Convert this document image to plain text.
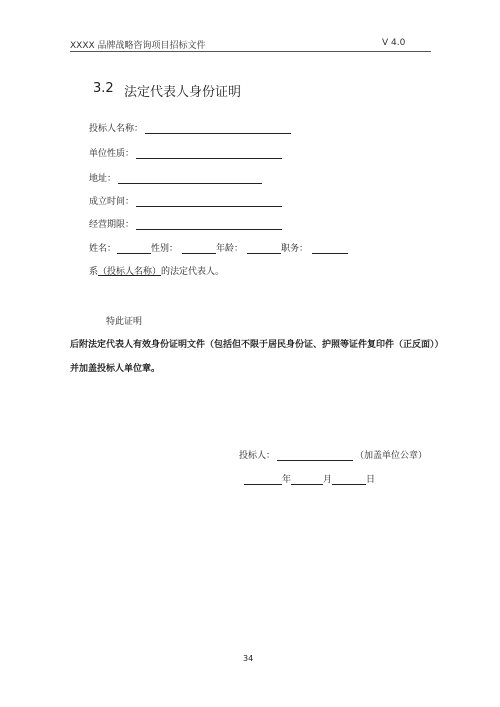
XXXX 品牌战略咨询项目招标文件	V 4.0
3.2 法定代表人身份证明
投标人名称：
单位性质：
地址：
成立时间：
经营期限：
姓名：	性别：	年龄：	职务：
系 （投标人名称） 的法定代表人。
特此证明
后附法定代表人有效身份证明文件（包括但不限于居民身份证、护照等证件复印件（正反面））
并加盖投标人单位章。
投标人：	（加盖单位公章）
年	月	日
34
